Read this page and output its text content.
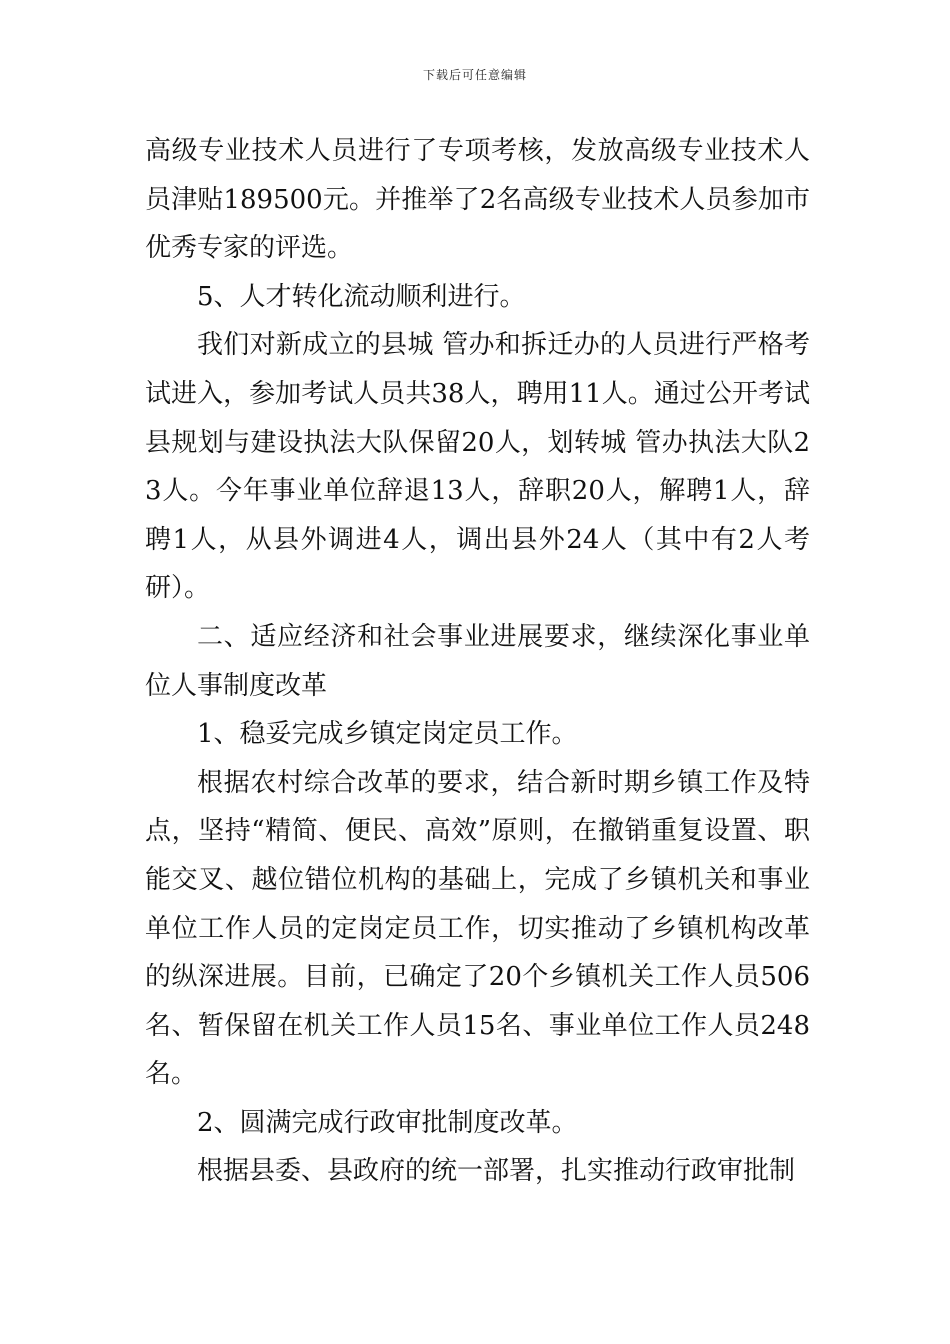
下载后可任意编辑

高级专业技术人员进行了专项考核，发放高级专业技术人员津贴189500元。并推举了2名高级专业技术人员参加市优秀专家的评选。

5、人才转化流动顺利进行。

我们对新成立的县城 管办和拆迁办的人员进行严格考试进入，参加考试人员共38人，聘用11人。通过公开考试县规划与建设执法大队保留20人，划转城 管办执法大队23人。今年事业单位辞退13人，辞职20人，解聘1人，辞聘1人，从县外调进4人，调出县外24人（其中有2人考研）。

二、适应经济和社会事业进展要求，继续深化事业单位人事制度改革

1、稳妥完成乡镇定岗定员工作。

根据农村综合改革的要求，结合新时期乡镇工作及特点，坚持“精简、便民、高效”原则，在撤销重复设置、职能交叉、越位错位机构的基础上，完成了乡镇机关和事业单位工作人员的定岗定员工作，切实推动了乡镇机构改革的纵深进展。目前，已确定了20个乡镇机关工作人员506名、暂保留在机关工作人员15名、事业单位工作人员248名。

2、圆满完成行政审批制度改革。

根据县委、县政府的统一部署，扎实推动行政审批制
